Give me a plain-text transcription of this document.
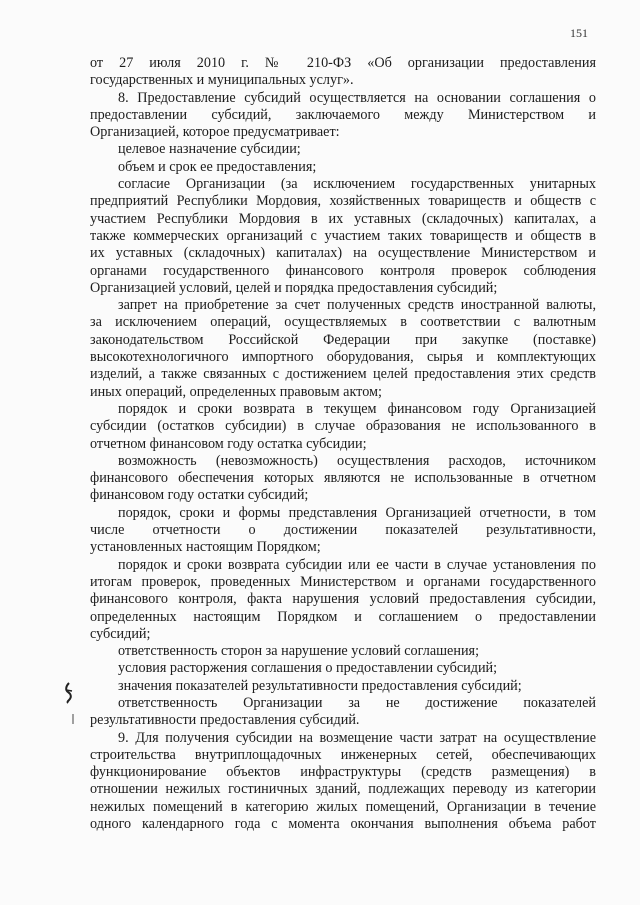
151
от 27 июля 2010 г. № 210-ФЗ «Об организации предоставления
государственных и муниципальных услуг».
8. Предоставление субсидий осуществляется на основании соглашения о
предоставлении субсидий, заключаемого между Министерством и
Организацией, которое предусматривает:
целевое назначение субсидии;
объем и срок ее предоставления;
согласие Организации (за исключением государственных унитарных
предприятий Республики Мордовия, хозяйственных товариществ и обществ с
участием Республики Мордовия в их уставных (складочных) капиталах, а
также коммерческих организаций с участием таких товариществ и обществ в
их уставных (складочных) капиталах) на осуществление Министерством и
органами государственного финансового контроля проверок соблюдения
Организацией условий, целей и порядка предоставления субсидий;
запрет на приобретение за счет полученных средств иностранной валюты,
за исключением операций, осуществляемых в соответствии с валютным
законодательством Российской Федерации при закупке (поставке)
высокотехнологичного импортного оборудования, сырья и комплектующих
изделий, а также связанных с достижением целей предоставления этих средств
иных операций, определенных правовым актом;
порядок и сроки возврата в текущем финансовом году Организацией
субсидии (остатков субсидии) в случае образования не использованного в
отчетном финансовом году остатка субсидии;
возможность (невозможность) осуществления расходов, источником
финансового обеспечения которых являются не использованные в отчетном
финансовом году остатки субсидий;
порядок, сроки и формы представления Организацией отчетности, в том
числе отчетности о достижении показателей результативности,
установленных настоящим Порядком;
порядок и сроки возврата субсидии или ее части в случае установления по
итогам проверок, проведенных Министерством и органами государственного
финансового контроля, факта нарушения условий предоставления субсидии,
определенных настоящим Порядком и соглашением о предоставлении
субсидий;
ответственность сторон за нарушение условий соглашения;
условия расторжения соглашения о предоставлении субсидий;
значения показателей результативности предоставления субсидий;
ответственность Организации за не достижение показателей
результативности предоставления субсидий.
9. Для получения субсидии на возмещение части затрат на осуществление
строительства внутриплощадочных инженерных сетей, обеспечивающих
функционирование объектов инфраструктуры (средств размещения) в
отношении нежилых гостиничных зданий, подлежащих переводу из категории
нежилых помещений в категорию жилых помещений, Организации в течение
одного календарного года с момента окончания выполнения объема работ
